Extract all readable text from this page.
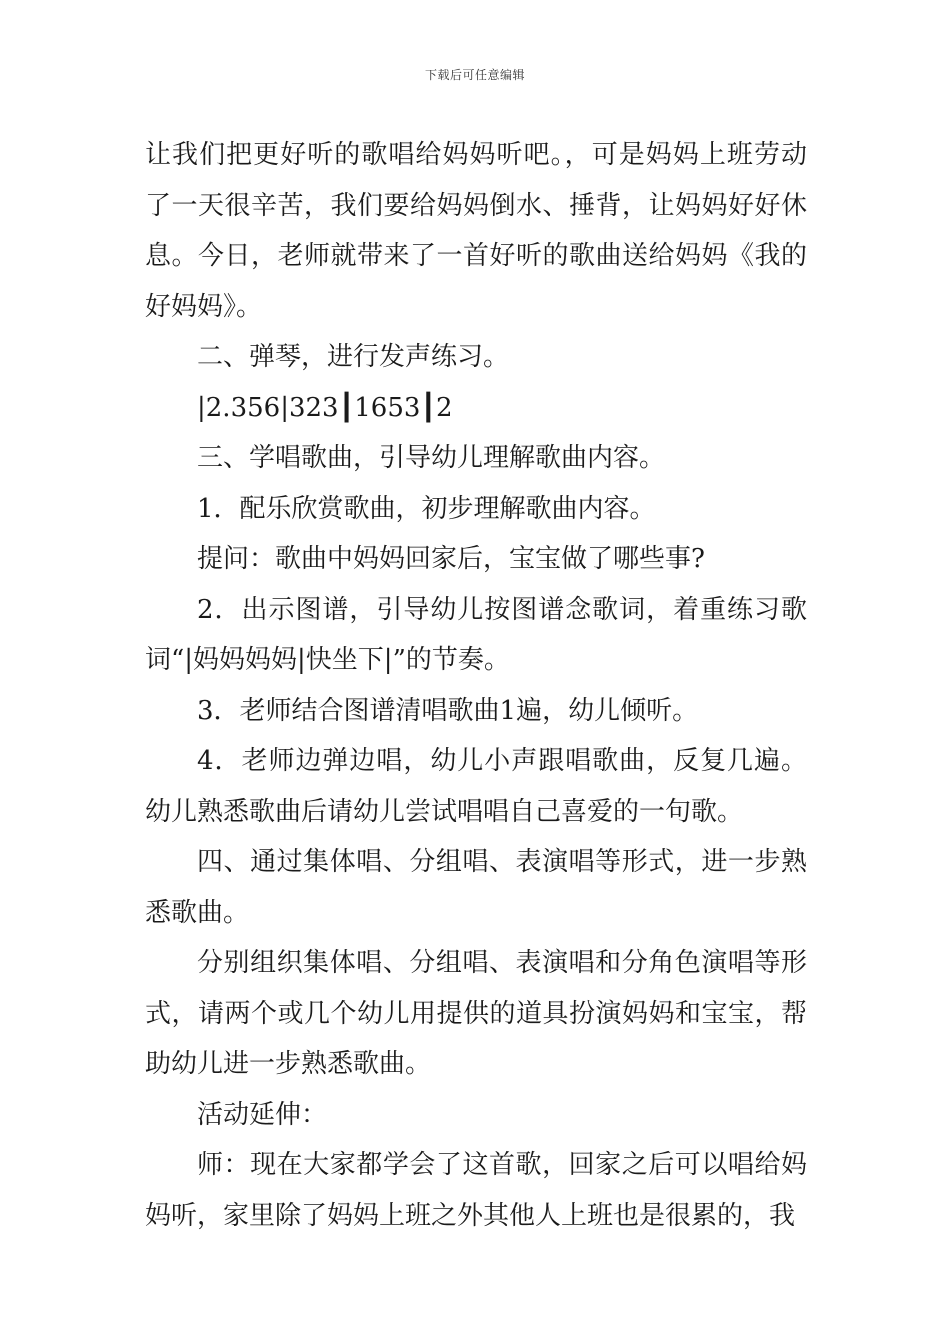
下载后可任意编辑

让我们把更好听的歌唱给妈妈听吧。，可是妈妈上班劳动了一天很辛苦，我们要给妈妈倒水、捶背，让妈妈好好休息。今日，老师就带来了一首好听的歌曲送给妈妈《我的好妈妈》。

二、弹琴，进行发声练习。

|2.356|323┃1653┃2

三、学唱歌曲，引导幼儿理解歌曲内容。

1．配乐欣赏歌曲，初步理解歌曲内容。

提问：歌曲中妈妈回家后，宝宝做了哪些事?

2．出示图谱，引导幼儿按图谱念歌词，着重练习歌词“|妈妈妈妈|快坐下|”的节奏。

3．老师结合图谱清唱歌曲1遍，幼儿倾听。

4．老师边弹边唱，幼儿小声跟唱歌曲，反复几遍。幼儿熟悉歌曲后请幼儿尝试唱唱自己喜爱的一句歌。

四、通过集体唱、分组唱、表演唱等形式，进一步熟悉歌曲。

分别组织集体唱、分组唱、表演唱和分角色演唱等形式，请两个或几个幼儿用提供的道具扮演妈妈和宝宝，帮助幼儿进一步熟悉歌曲。

活动延伸：

师：现在大家都学会了这首歌，回家之后可以唱给妈妈听，家里除了妈妈上班之外其他人上班也是很累的，我
